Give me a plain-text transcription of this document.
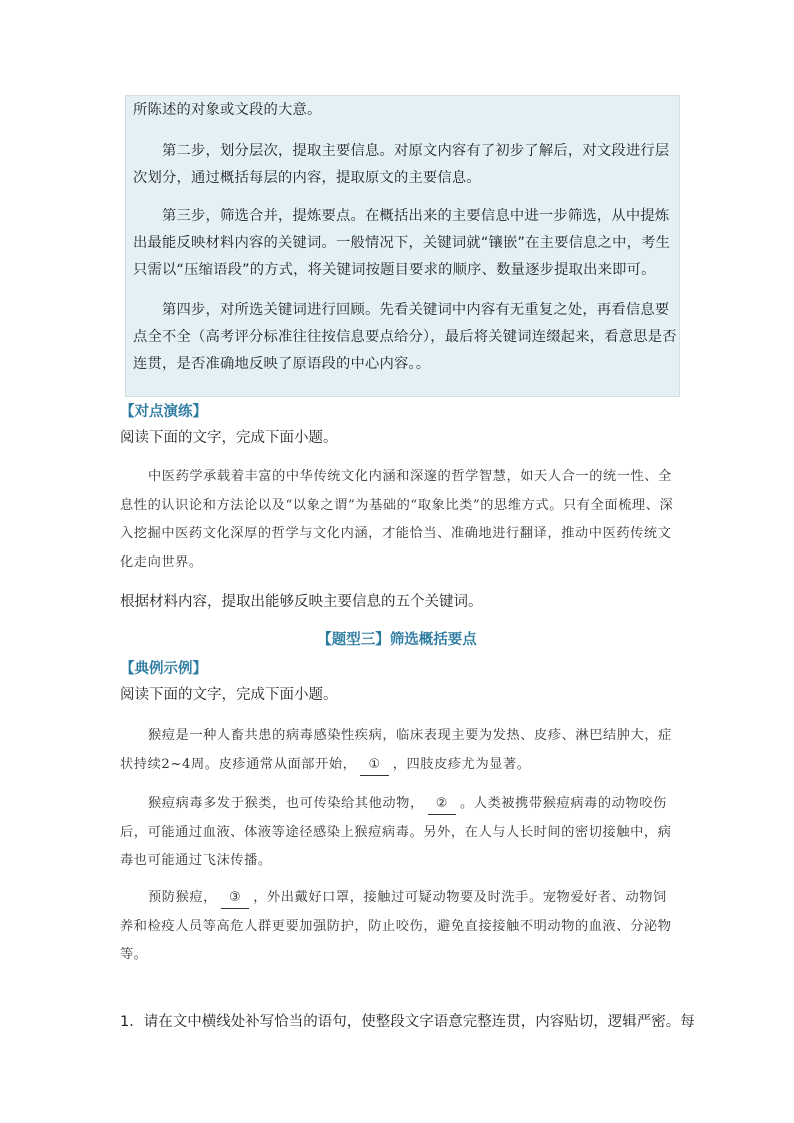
所陈述的对象或文段的大意。

第二步，划分层次，提取主要信息。对原文内容有了初步了解后，对文段进行层次划分，通过概括每层的内容，提取原文的主要信息。

第三步，筛选合并，提炼要点。在概括出来的主要信息中进一步筛选，从中提炼出最能反映材料内容的关键词。一般情况下，关键词就“镶嵌”在主要信息之中，考生只需以“压缩语段”的方式，将关键词按题目要求的顺序、数量逐步提取出来即可。

第四步，对所选关键词进行回顾。先看关键词中内容有无重复之处，再看信息要点全不全（高考评分标准往往按信息要点给分），最后将关键词连缀起来，看意思是否连贯，是否准确地反映了原语段的中心内容。。

【对点演练】

阅读下面的文字，完成下面小题。

中医药学承载着丰富的中华传统文化内涵和深邃的哲学智慧，如天人合一的统一性、全息性的认识论和方法论以及“以象之谓”为基础的“取象比类”的思维方式。只有全面梳理、深入挖掘中医药文化深厚的哲学与文化内涵，才能恰当、准确地进行翻译，推动中医药传统文化走向世界。

根据材料内容，提取出能够反映主要信息的五个关键词。

【题型三】筛选概括要点

【典例示例】

阅读下面的文字，完成下面小题。

猴痘是一种人畜共患的病毒感染性疾病，临床表现主要为发热、皮疹、淋巴结肿大，症状持续2~4周。皮疹通常从面部开始， ① ，四肢皮疹尤为显著。

猴痘病毒多发于猴类，也可传染给其他动物， ② 。人类被携带猴痘病毒的动物咬伤后，可能通过血液、体液等途径感染上猴痘病毒。另外，在人与人长时间的密切接触中，病毒也可能通过飞沫传播。

预防猴痘， ③ ，外出戴好口罩，接触过可疑动物要及时洗手。宠物爱好者、动物饲养和检疫人员等高危人群更要加强防护，防止咬伤，避免直接接触不明动物的血液、分泌物等。

1．请在文中横线处补写恰当的语句，使整段文字语意完整连贯，内容贴切，逻辑严密。每
